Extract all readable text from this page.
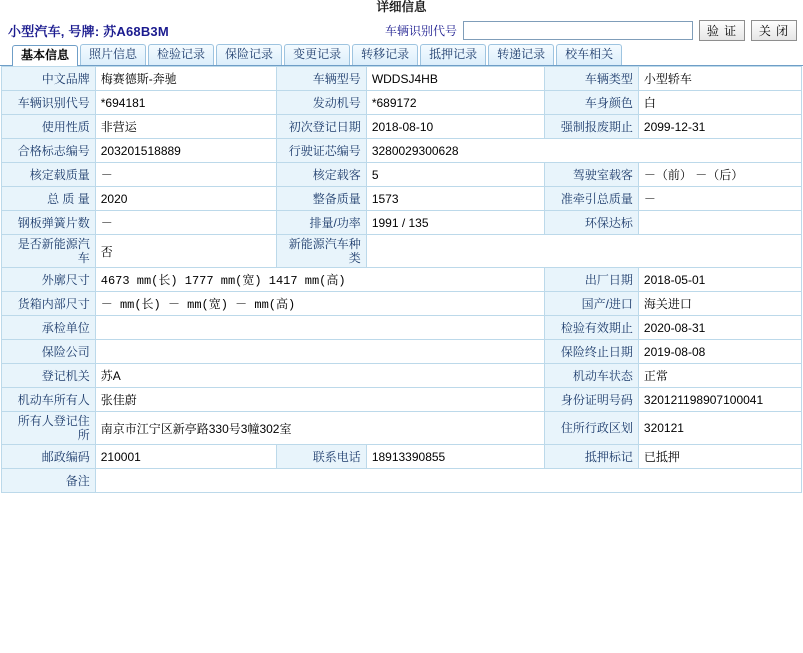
详细信息
小型汽车, 号牌: 苏A68B3M	车辆识别代号	验 证	关 闭
基本信息	照片信息	检验记录	保险记录	变更记录	转移记录	抵押记录	转递记录	校车相关
中文品牌	梅赛德斯-奔驰	车辆型号	WDDSJ4HB	车辆类型	小型轿车
车辆识别代号	*694181	发动机号	*689172	车身颜色	白
使用性质	非营运	初次登记日期	2018-08-10	强制报废期止	2099-12-31
合格标志编号	203201518889	行驶证芯编号	3280029300628		
核定载质量	－	核定载客	5	驾驶室载客	－（前） －（后）
总 质 量	2020	整备质量	1573	准牵引总质量	－
钢板弹簧片数	－	排量/功率	1991 / 135	环保达标	
是否新能源汽车	否	新能源汽车种类			
外廓尺寸	4673 mm(长) 1777 mm(宽) 1417 mm(高)			出厂日期	2018-05-01
货箱内部尺寸	－ mm(长) － mm(宽) － mm(高)			国产/进口	海关进口
承检单位				检验有效期止	2020-08-31
保险公司				保险终止日期	2019-08-08
登记机关	苏A			机动车状态	正常
机动车所有人	张佳蔚			身份证明号码	320121198907100041
所有人登记住所	南京市江宁区新亭路330号3幢302室			住所行政区划	320121
邮政编码	210001	联系电话	18913390855	抵押标记	已抵押
备注					
